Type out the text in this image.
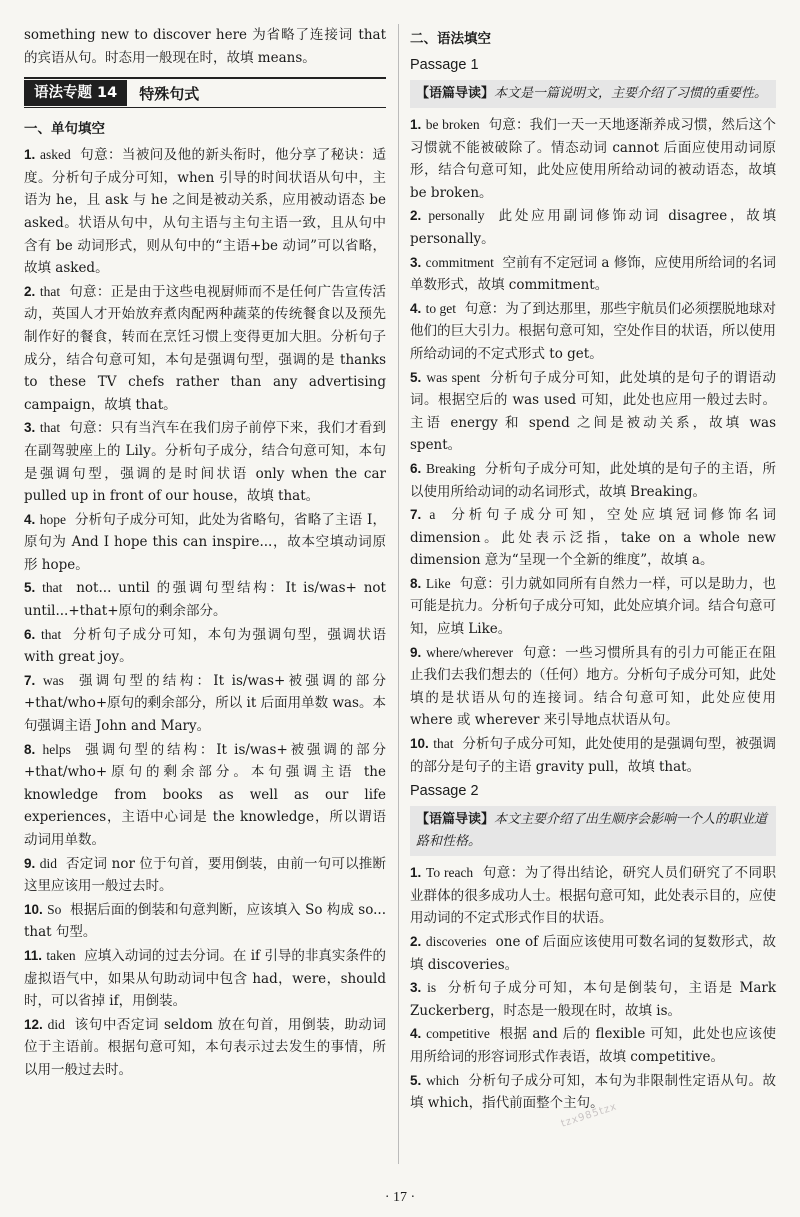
something new to discover here 为省略了连接词 that 的宾语从句。时态用一般现在时，故填 means。

语法专题 14	特殊句式
一、单句填空

1. asked 句意：当被问及他的新头衔时，他分享了秘诀：适度。分析句子成分可知，when 引导的时间状语从句中，主语为 he，且 ask 与 he 之间是被动关系，应用被动语态 be asked。状语从句中，从句主语与主句主语一致，且从句中含有 be 动词形式，则从句中的“主语+be 动词”可以省略，故填 asked。

2. that 句意：正是由于这些电视厨师而不是任何广告宣传活动，英国人才开始放弃煮肉配两种蔬菜的传统餐食以及预先制作好的餐食，转而在烹饪习惯上变得更加大胆。分析句子成分，结合句意可知，本句是强调句型，强调的是 thanks to these TV chefs rather than any advertising campaign，故填 that。

3. that 句意：只有当汽车在我们房子前停下来，我们才看到在副驾驶座上的 Lily。分析句子成分，结合句意可知，本句是强调句型，强调的是时间状语 only when the car pulled up in front of our house，故填 that。

4. hope 分析句子成分可知，此处为省略句，省略了主语 I，原句为 And I hope this can inspire...，故本空填动词原形 hope。

5. that not... until 的强调句型结构：It is/was+ not until...+that+原句的剩余部分。

6. that 分析句子成分可知，本句为强调句型，强调状语 with great joy。

7. was 强调句型的结构：It is/was+被强调的部分+that/who+原句的剩余部分，所以 it 后面用单数 was。本句强调主语 John and Mary。

8. helps 强调句型的结构：It is/was+被强调的部分+that/who+原句的剩余部分。本句强调主语 the knowledge from books as well as our life experiences，主语中心词是 the knowledge，所以谓语动词用单数。

9. did 否定词 nor 位于句首，要用倒装，由前一句可以推断这里应该用一般过去时。

10. So 根据后面的倒装和句意判断，应该填入 So 构成 so... that 句型。

11. taken 应填入动词的过去分词。在 if 引导的非真实条件的虚拟语气中，如果从句助动词中包含 had，were，should 时，可以省掉 if，用倒装。

12. did 该句中否定词 seldom 放在句首，用倒装，助动词位于主语前。根据句意可知，本句表示过去发生的事情，所以用一般过去时。

二、语法填空
Passage 1
【语篇导读】本文是一篇说明文，主要介绍了习惯的重要性。

1. be broken 句意：我们一天一天地逐渐养成习惯，然后这个习惯就不能被破除了。情态动词 cannot 后面应使用动词原形，结合句意可知，此处应使用所给动词的被动语态，故填 be broken。

2. personally 此处应用副词修饰动词 disagree，故填 personally。

3. commitment 空前有不定冠词 a 修饰，应使用所给词的名词单数形式，故填 commitment。

4. to get 句意：为了到达那里，那些宇航员们必须摆脱地球对他们的巨大引力。根据句意可知，空处作目的状语，所以使用所给动词的不定式形式 to get。

5. was spent 分析句子成分可知，此处填的是句子的谓语动词。根据空后的 was used 可知，此处也应用一般过去时。主语 energy 和 spend 之间是被动关系，故填 was spent。

6. Breaking 分析句子成分可知，此处填的是句子的主语，所以使用所给动词的动名词形式，故填 Breaking。

7. a 分析句子成分可知，空处应填冠词修饰名词 dimension。此处表示泛指，take on a whole new dimension 意为“呈现一个全新的维度”，故填 a。

8. Like 句意：引力就如同所有自然力一样，可以是助力，也可能是抗力。分析句子成分可知，此处应填介词。结合句意可知，应填 Like。

9. where/wherever 句意：一些习惯所具有的引力可能正在阻止我们去我们想去的（任何）地方。分析句子成分可知，此处填的是状语从句的连接词。结合句意可知，此处应使用 where 或 wherever 来引导地点状语从句。

10. that 分析句子成分可知，此处使用的是强调句型，被强调的部分是句子的主语 gravity pull，故填 that。

Passage 2
【语篇导读】本文主要介绍了出生顺序会影响一个人的职业道路和性格。

1. To reach 句意：为了得出结论，研究人员们研究了不同职业群体的很多成功人士。根据句意可知，此处表示目的，应使用动词的不定式形式作目的状语。

2. discoveries one of 后面应该使用可数名词的复数形式，故填 discoveries。

3. is 分析句子成分可知，本句是倒装句，主语是 Mark Zuckerberg，时态是一般现在时，故填 is。

4. competitive 根据 and 后的 flexible 可知，此处也应该使用所给词的形容词形式作表语，故填 competitive。

5. which 分析句子成分可知，本句为非限制性定语从句。故填 which，指代前面整个主句。

tzx985tzx
· 17 ·
